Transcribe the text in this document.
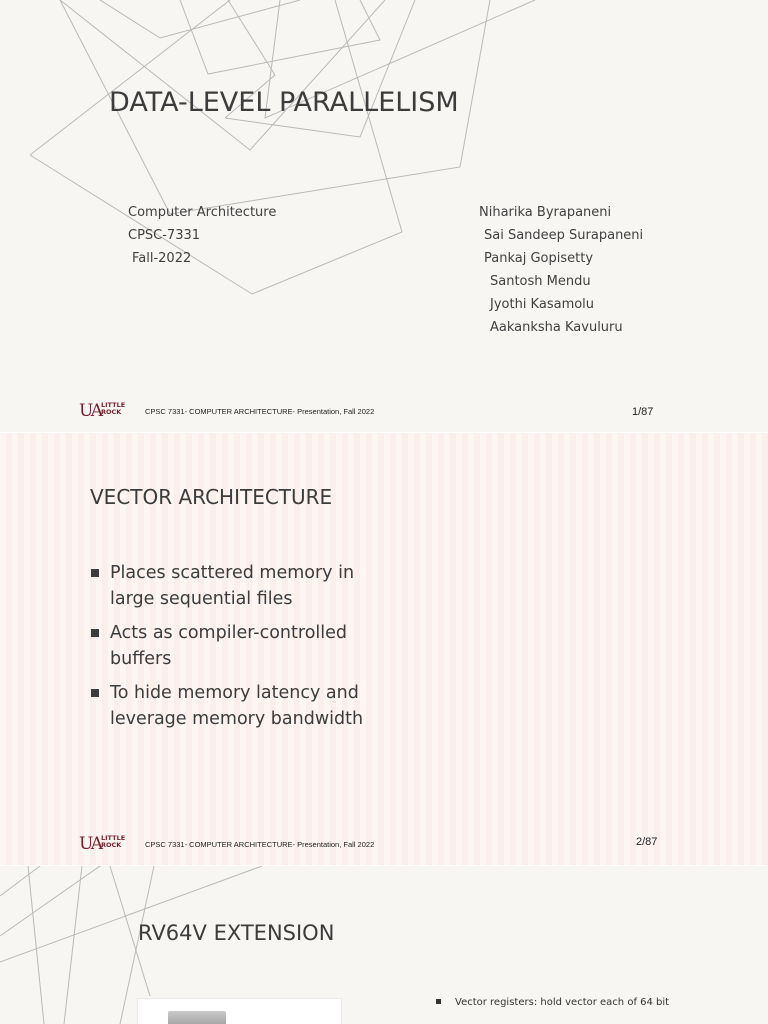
DATA-LEVEL PARALLELISM
Computer Architecture
CPSC-7331
Fall-2022
Niharika Byrapaneni
Sai Sandeep Surapaneni
Pankaj Gopisetty
Santosh Mendu
Jyothi Kasamolu
Aakanksha Kavuluru
UA LITTLE
ROCK	CPSC 7331- COMPUTER ARCHITECTURE- Presentation, Fall 2022	1/87
VECTOR ARCHITECTURE
Places scattered memory in large sequential files
Acts as compiler-controlled buffers
To hide memory latency and leverage memory bandwidth
UA LITTLE
ROCK	CPSC 7331- COMPUTER ARCHITECTURE- Presentation, Fall 2022	2/87
RV64V EXTENSION
Vector registers: hold vector each of 64 bit
